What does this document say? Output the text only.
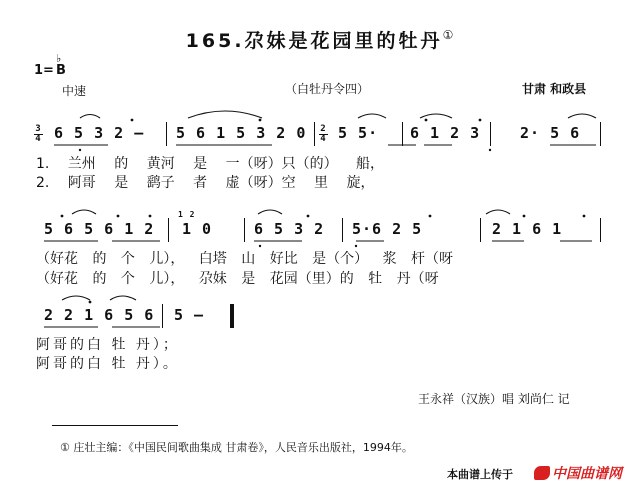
165.尕妹是花园里的牡丹①
1=
♭
B
中速	（白牡丹令四）	甘肃 和政县
3
4 6 5 3 2 – 5 6 1 5 3 2 0 2
4 5 5· 6 1 2 3	2· 5 6
1. 兰州 的 黄河 是 一（呀）只（的） 船，
2. 阿哥 是 鹞子 者 虚（呀）空 里 旋，
5 6 5 6 1 2
1 2
1 0	6 5 3 2 5·6 2 5	2 1 6 1
（好花 的 个 儿）， 白塔 山 好比 是（个） 浆 杆（呀
（好花 的 个 儿）， 尕妹 是 花园（里）的 牡 丹（呀
2 2 1 6 5 6 5 –
阿哥的白 牡 丹）；
阿哥的白 牡 丹）。
王永祥（汉族）唱 刘尚仁 记
① 庄壮主编：《中国民间歌曲集成 甘肃卷》，人民音乐出版社，1994年。
本曲谱上传于	中国曲谱网
